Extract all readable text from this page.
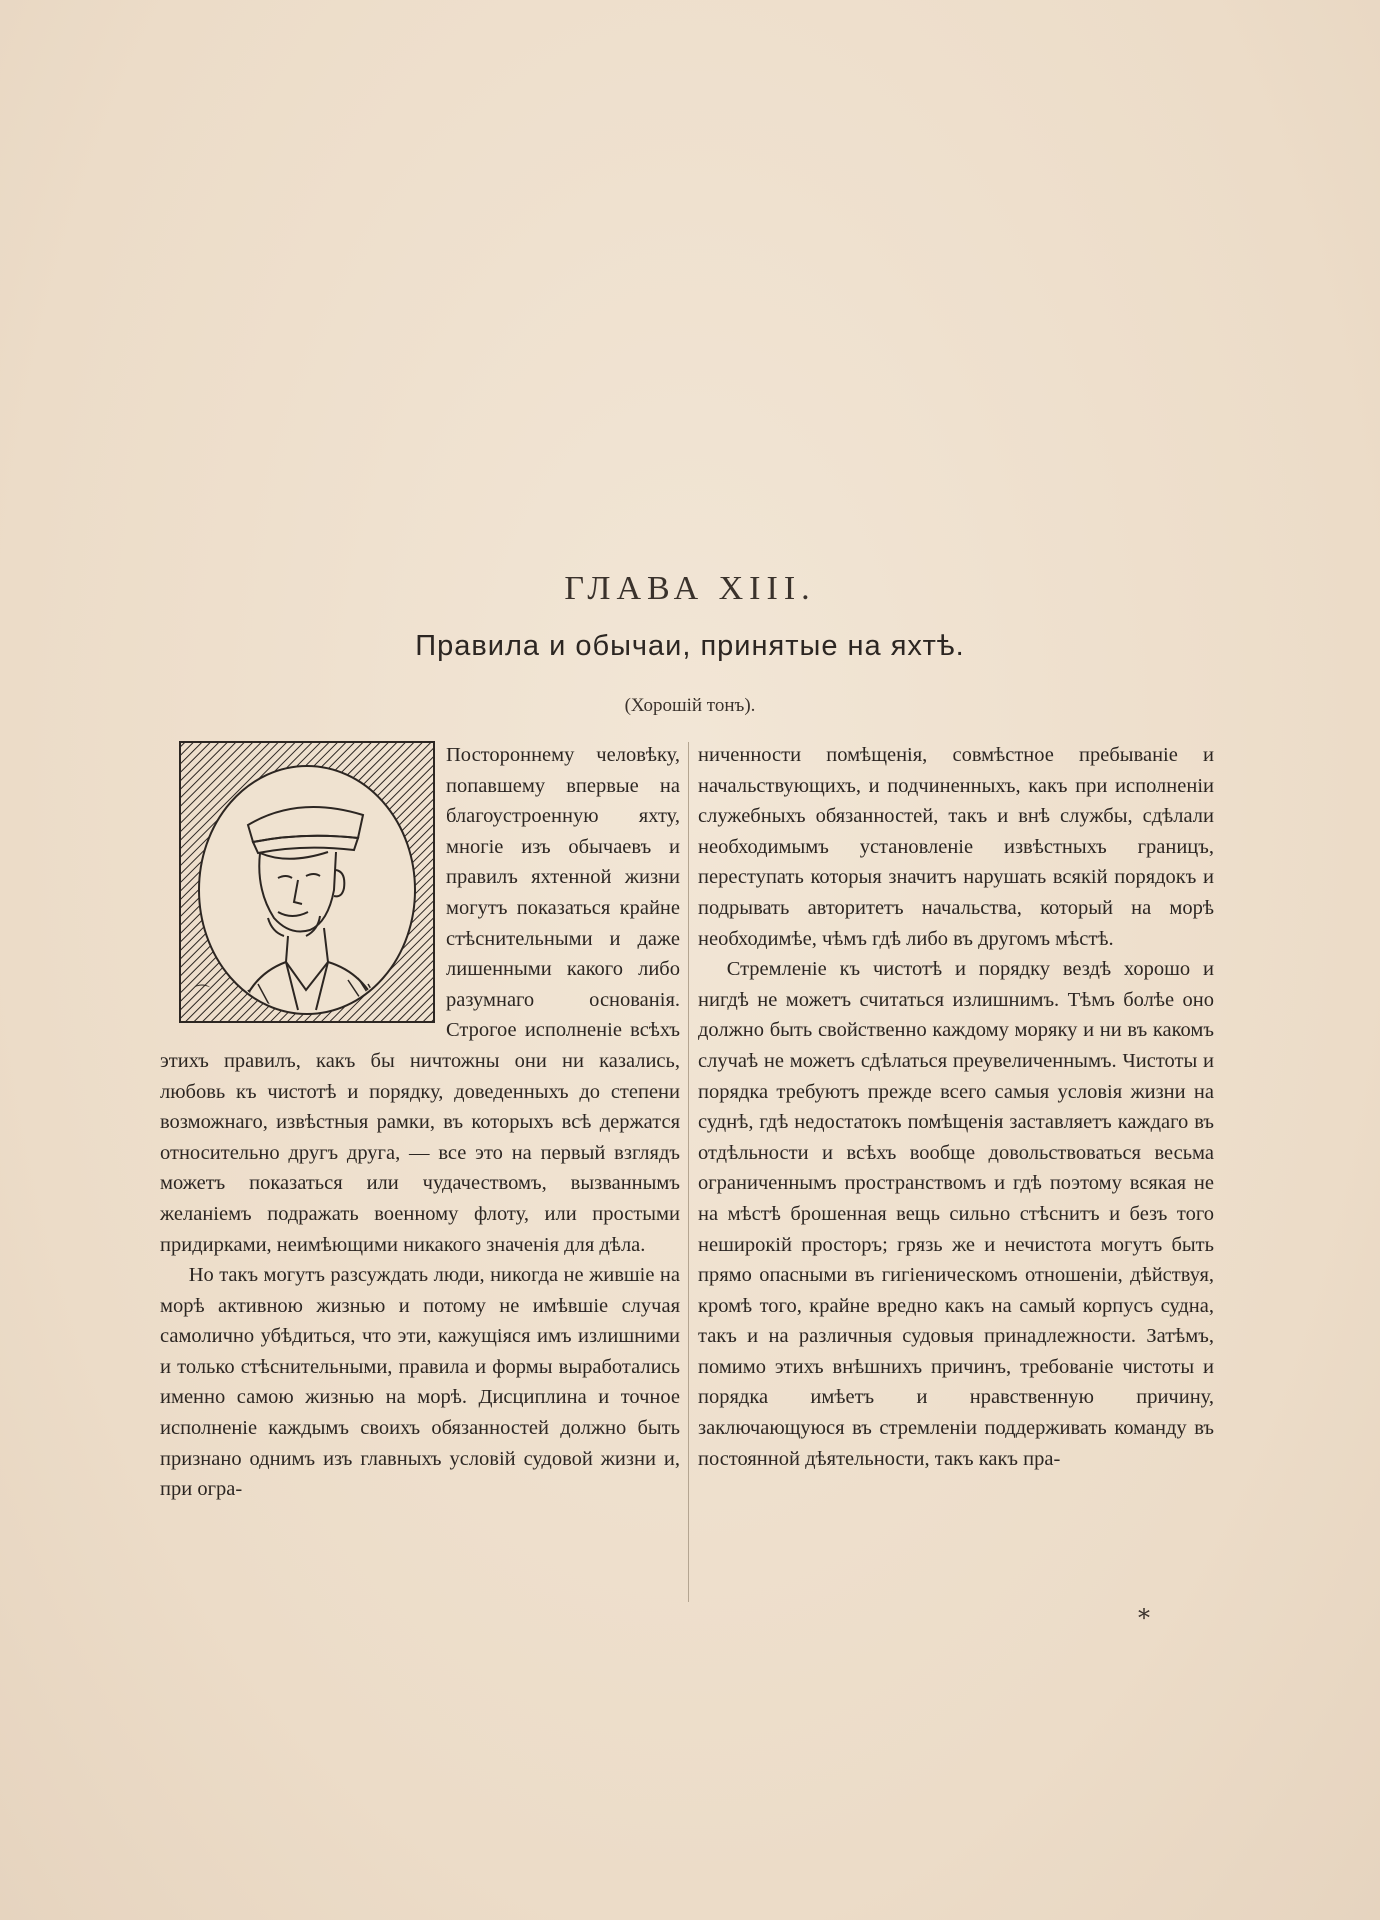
ГЛАВА XIII.
Правила и обычаи, принятые на яхтѣ.
(Хорошій тонъ).
⌒

Постороннему человѣку, попавшему впервые на благоустроенную яхту, многіе изъ обычаевъ и правилъ яхтенной жизни могутъ показаться крайне стѣснительными и даже лишенными какого либо разумнаго основанія. Строгое исполненіе всѣхъ этихъ правилъ, какъ бы ничтожны они ни казались, любовь къ чистотѣ и порядку, доведенныхъ до степени возможнаго, извѣстныя рамки, въ которыхъ всѣ держатся относительно другъ друга, — все это на первый взглядъ можетъ показаться или чудачествомъ, вызваннымъ желаніемъ подражать военному флоту, или простыми придирками, неимѣющими никакого значенія для дѣла.

Но такъ могутъ разсуждать люди, никогда не жившіе на морѣ активною жизнью и потому не имѣвшіе случая самолично убѣдиться, что эти, кажущіяся имъ излишними и только стѣснительными, правила и формы выработались именно самою жизнью на морѣ. Дисциплина и точное исполненіе каждымъ своихъ обязанностей должно быть признано однимъ изъ главныхъ условій судовой жизни и, при огра-

ниченности помѣщенія, совмѣстное пребываніе и начальствующихъ, и подчиненныхъ, какъ при исполненіи служебныхъ обязанностей, такъ и внѣ службы, сдѣлали необходимымъ установленіе извѣстныхъ границъ, переступать которыя значитъ нарушать всякій порядокъ и подрывать авторитетъ начальства, который на морѣ необходимѣе, чѣмъ гдѣ либо въ другомъ мѣстѣ.

Стремленіе къ чистотѣ и порядку вездѣ хорошо и нигдѣ не можетъ считаться излишнимъ. Тѣмъ болѣе оно должно быть свойственно каждому моряку и ни въ какомъ случаѣ не можетъ сдѣлаться преувеличеннымъ. Чистоты и порядка требуютъ прежде всего самыя условія жизни на суднѣ, гдѣ недостатокъ помѣщенія заставляетъ каждаго въ отдѣльности и всѣхъ вообще довольствоваться весьма ограниченнымъ пространствомъ и гдѣ поэтому всякая не на мѣстѣ брошенная вещь сильно стѣснитъ и безъ того неширокій просторъ; грязь же и нечистота могутъ быть прямо опасными въ гигіеническомъ отношеніи, дѣйствуя, кромѣ того, крайне вредно какъ на самый корпусъ судна, такъ и на различныя судовыя принадлежности. Затѣмъ, помимо этихъ внѣшнихъ причинъ, требованіе чистоты и порядка имѣетъ и нравственную причину, заключающуюся въ стремленіи поддерживать команду въ постоянной дѣятельности, такъ какъ пра-

*
